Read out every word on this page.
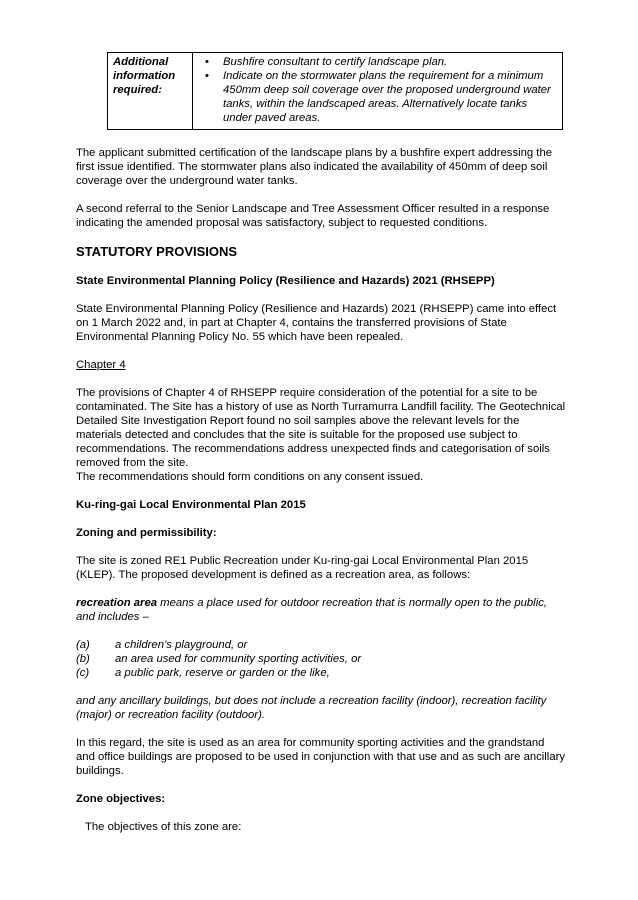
Additional information required:	
• Bushfire consultant to certify landscape plan.
• Indicate on the stormwater plans the requirement for a minimum 450mm deep soil coverage over the proposed underground water tanks, within the landscaped areas. Alternatively locate tanks under paved areas.

The applicant submitted certification of the landscape plans by a bushfire expert addressing the first issue identified. The stormwater plans also indicated the availability of 450mm of deep soil coverage over the underground water tanks.

A second referral to the Senior Landscape and Tree Assessment Officer resulted in a response indicating the amended proposal was satisfactory, subject to requested conditions.

STATUTORY PROVISIONS

State Environmental Planning Policy (Resilience and Hazards) 2021 (RHSEPP)

State Environmental Planning Policy (Resilience and Hazards) 2021 (RHSEPP) came into effect on 1 March 2022 and, in part at Chapter 4, contains the transferred provisions of State Environmental Planning Policy No. 55 which have been repealed.

Chapter 4

The provisions of Chapter 4 of RHSEPP require consideration of the potential for a site to be contaminated. The Site has a history of use as North Turramurra Landfill facility. The Geotechnical Detailed Site Investigation Report found no soil samples above the relevant levels for the materials detected and concludes that the site is suitable for the proposed use subject to recommendations. The recommendations address unexpected finds and categorisation of soils removed from the site.

The recommendations should form conditions on any consent issued.

Ku-ring-gai Local Environmental Plan 2015

Zoning and permissibility:

The site is zoned RE1 Public Recreation under Ku-ring-gai Local Environmental Plan 2015 (KLEP). The proposed development is defined as a recreation area, as follows:

recreation area means a place used for outdoor recreation that is normally open to the public, and includes –

(a)	a children’s playground, or
(b)	an area used for community sporting activities, or
(c)	a public park, reserve or garden or the like,

and any ancillary buildings, but does not include a recreation facility (indoor), recreation facility (major) or recreation facility (outdoor).

In this regard, the site is used as an area for community sporting activities and the grandstand and office buildings are proposed to be used in conjunction with that use and as such are ancillary buildings.

Zone objectives:

The objectives of this zone are:
